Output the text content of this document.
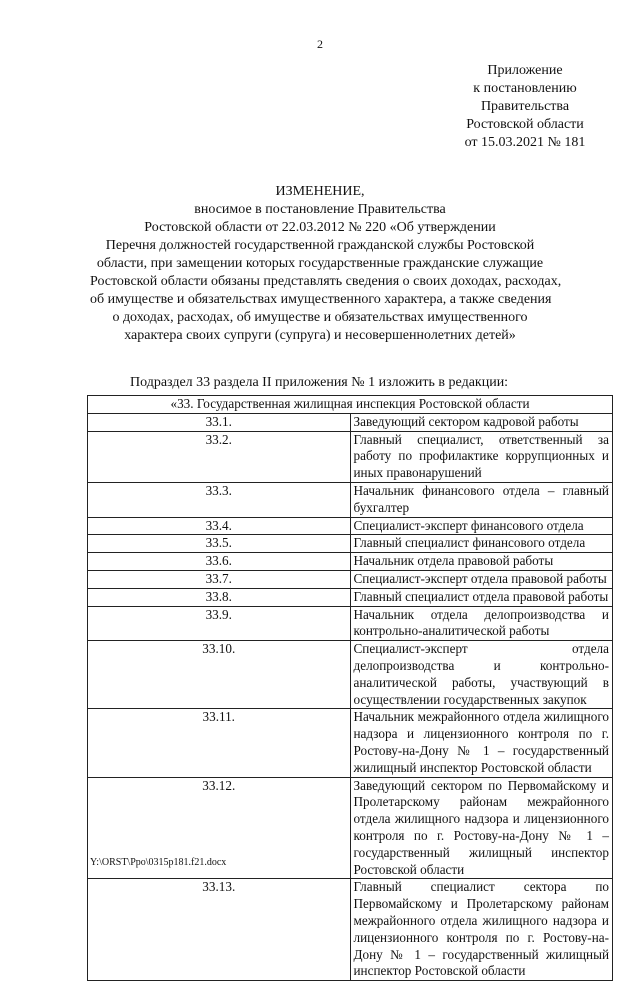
2
Приложение
к постановлению
Правительства
Ростовской области
от 15.03.2021 № 181
ИЗМЕНЕНИЕ,
вносимое в постановление Правительства
Ростовской области от 22.03.2012 № 220 «Об утверждении
Перечня должностей государственной гражданской службы Ростовской
области, при замещении которых государственные гражданские служащие
Ростовской области обязаны представлять сведения о своих доходах, расходах,
об имуществе и обязательствах имущественного характера, а также сведения
о доходах, расходах, об имуществе и обязательствах имущественного
характера своих супруги (супруга) и несовершеннолетних детей»
Подраздел 33 раздела II приложения № 1 изложить в редакции:
«33. Государственная жилищная инспекция Ростовской области	
33.1.	Заведующий сектором кадровой работы
33.2.	Главный специалист, ответственный за работу по профилактике коррупционных и иных правонарушений
33.3.	Начальник финансового отдела – главный бухгалтер
33.4.	Специалист-эксперт финансового отдела
33.5.	Главный специалист финансового отдела
33.6.	Начальник отдела правовой работы
33.7.	Специалист-эксперт отдела правовой работы
33.8.	Главный специалист отдела правовой работы
33.9.	Начальник отдела делопроизводства и контрольно-аналитической работы
33.10.	Специалист-эксперт отдела делопроизводства и контрольно-аналитической работы, участвующий в осуществлении государственных закупок
33.11.	Начальник межрайонного отдела жилищного надзора и лицензионного контроля по г. Ростову-на-Дону № 1 – государственный жилищный инспектор Ростовской области
33.12.	Заведующий сектором по Первомайскому и Пролетарскому районам межрайонного отдела жилищного надзора и лицензионного контроля по г. Ростову-на-Дону № 1 – государственный жилищный инспектор Ростовской области
33.13.	Главный специалист сектора по Первомайскому и Пролетарскому районам межрайонного отдела жилищного надзора и лицензионного контроля по г. Ростову-на-Дону № 1 – государственный жилищный инспектор Ростовской области
Y:\ORST\Ppo\0315p181.f21.docx
